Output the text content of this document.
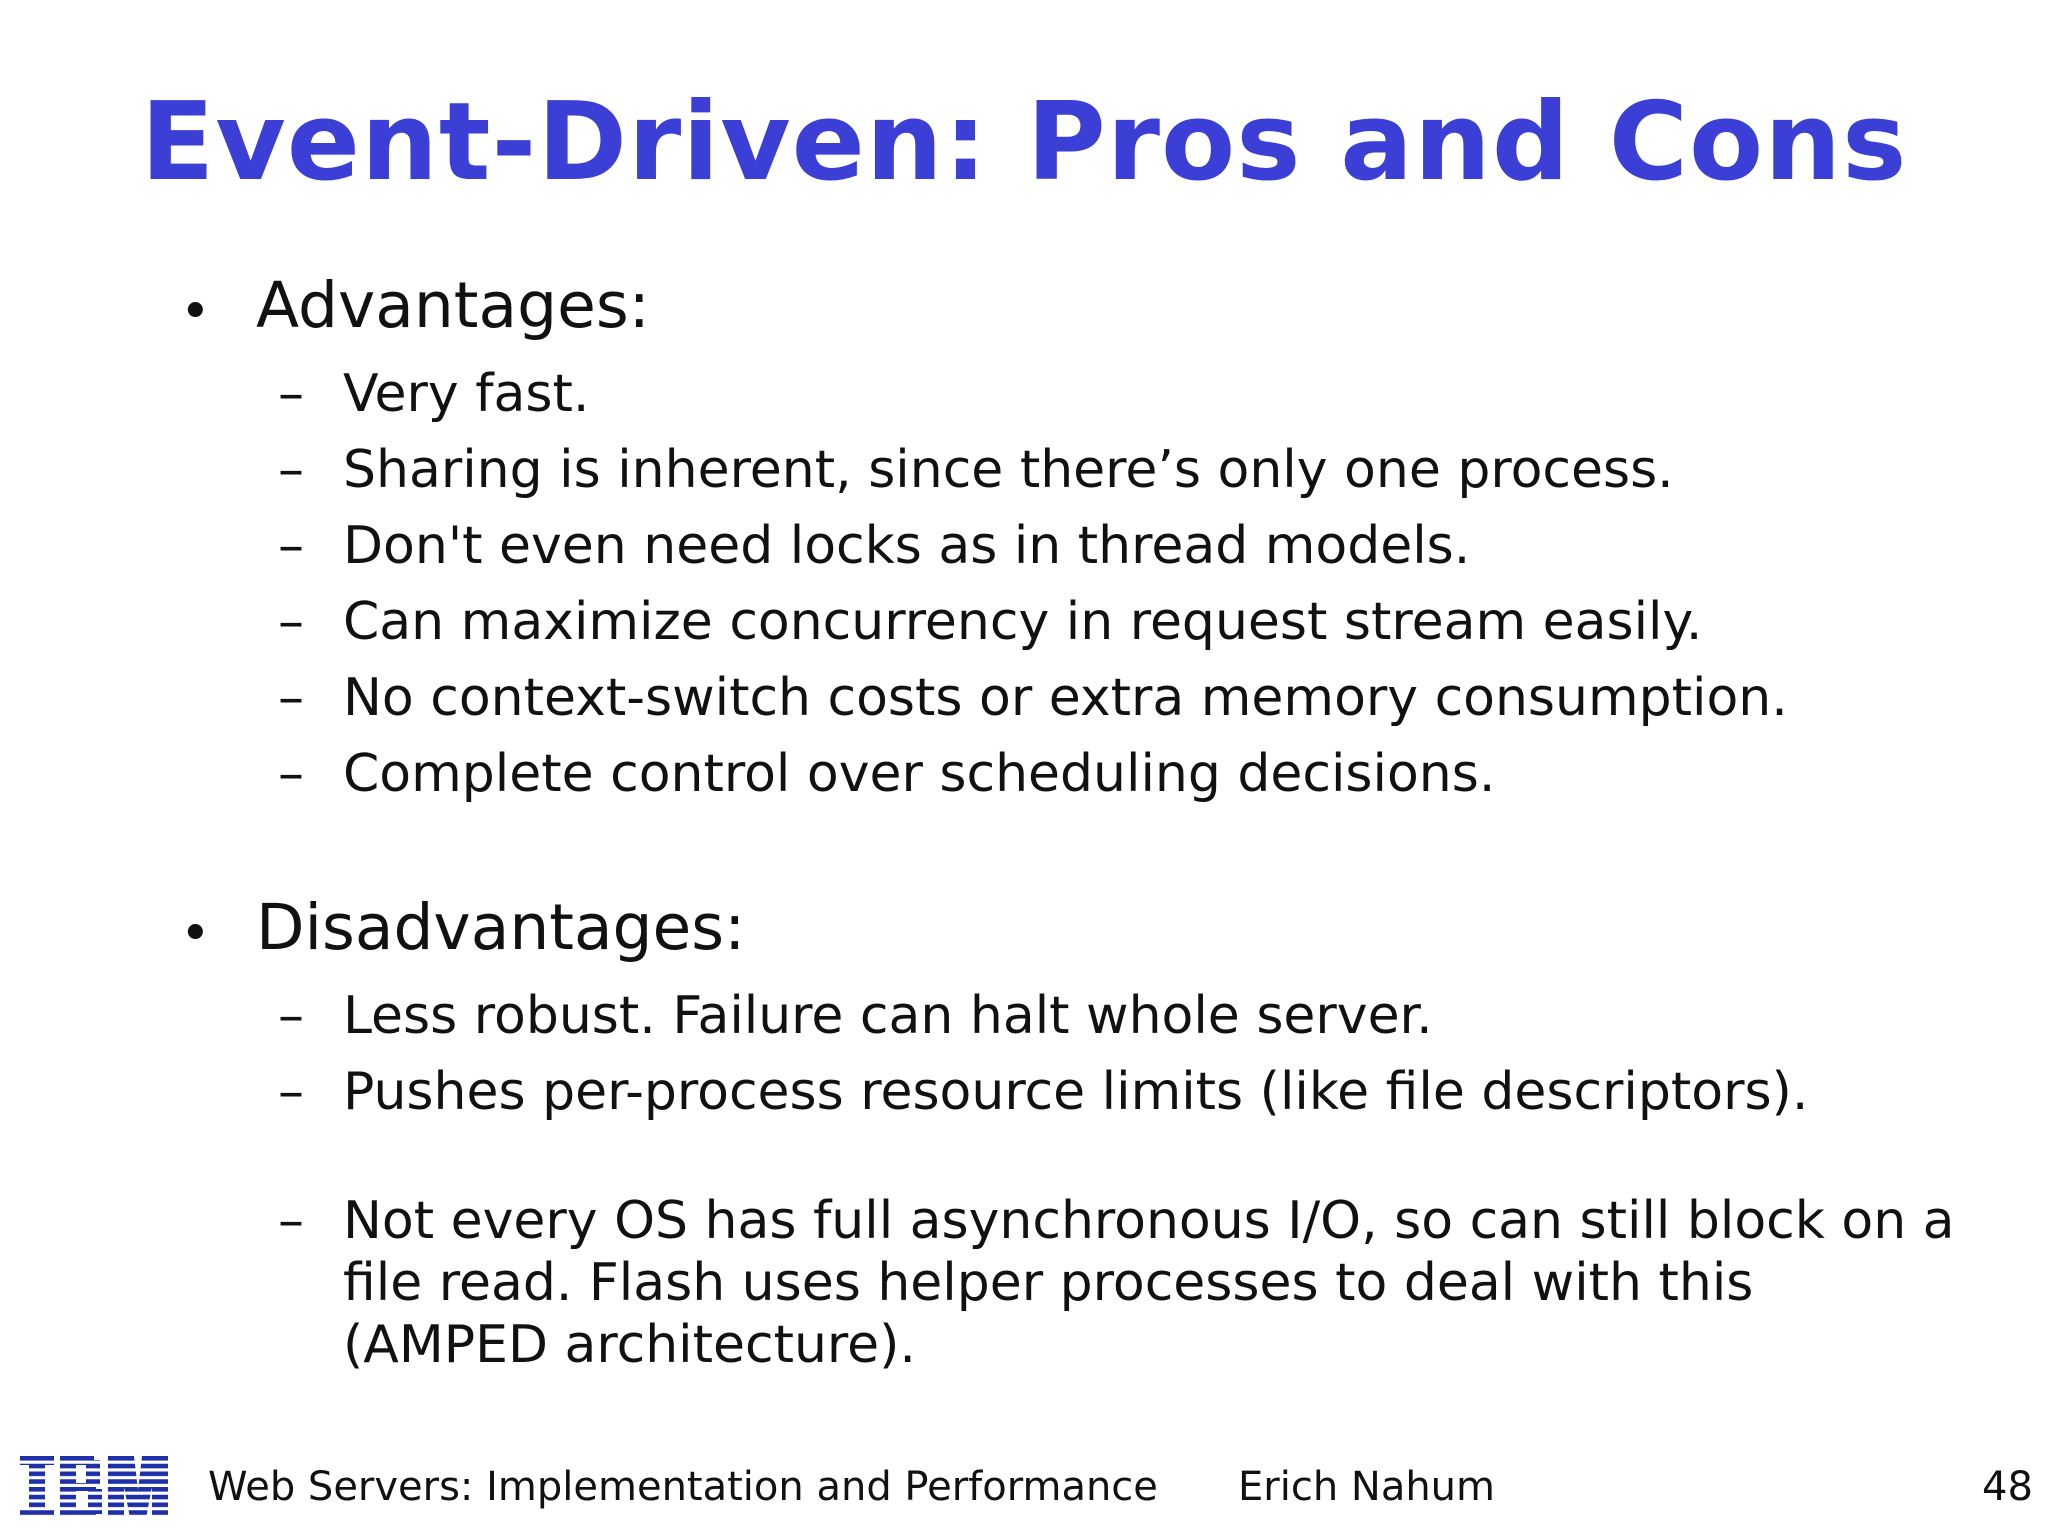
Event-Driven: Pros and Cons
• Advantages:
– Very fast.
– Sharing is inherent, since there’s only one process.
– Don't even need locks as in thread models.
– Can maximize concurrency in request stream easily.
– No context-switch costs or extra memory consumption.
– Complete control over scheduling decisions.
• Disadvantages:
– Less robust. Failure can halt whole server.
– Pushes per-process resource limits (like file descriptors).
– Not every OS has full asynchronous I/O, so can still block on a file read. Flash uses helper processes to deal with this (AMPED architecture).
Web Servers: Implementation and Performance Erich Nahum	48
